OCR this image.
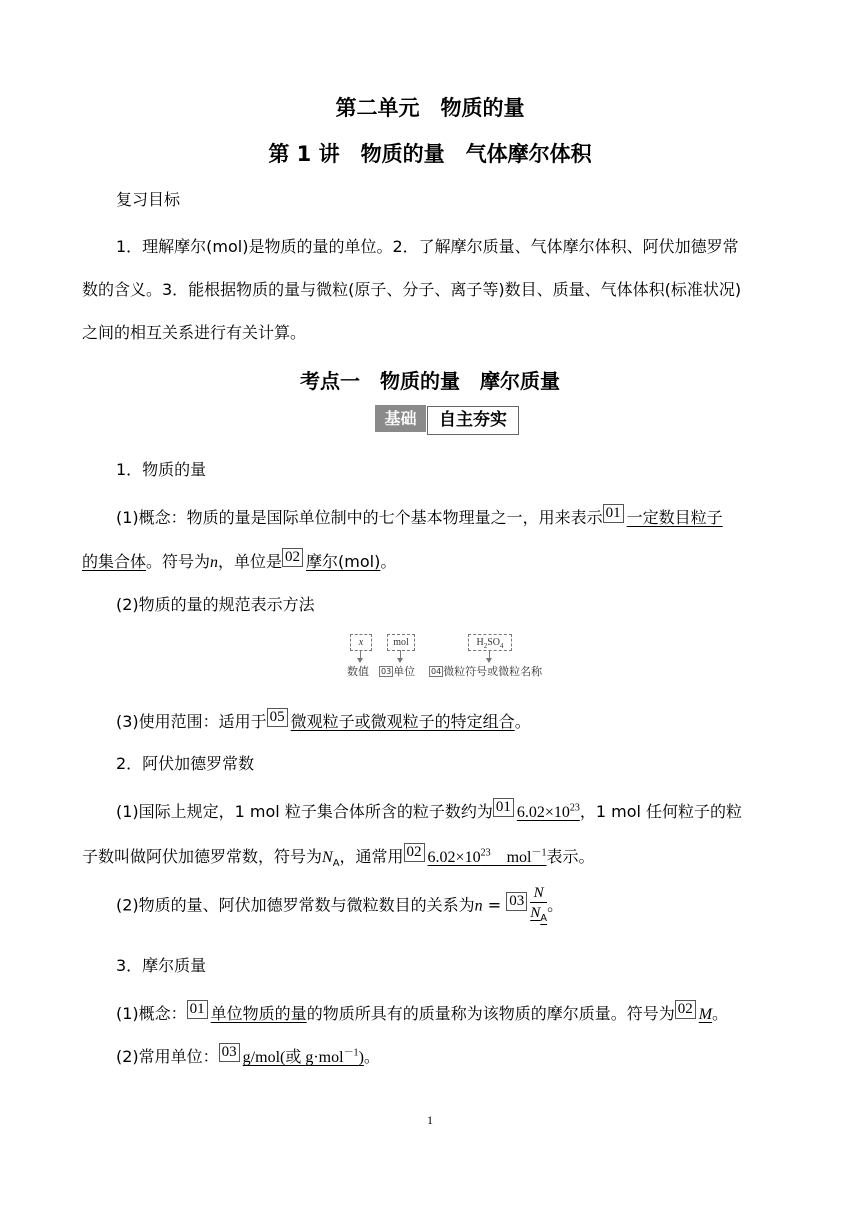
第二单元　物质的量
第 1 讲　物质的量　气体摩尔体积
复习目标
1．理解摩尔(mol)是物质的量的单位。2．了解摩尔质量、气体摩尔体积、阿伏加德罗常
数的含义。3．能根据物质的量与微粒(原子、分子、离子等)数目、质量、气体体积(标准状况)
之间的相互关系进行有关计算。
考点一　物质的量　摩尔质量
基础	自主夯实
1．物质的量
(1)概念：物质的量是国际单位制中的七个基本物理量之一，用来表示 01 一定数目粒子
的集合体。符号为n，单位是 02 摩尔(mol)。
(2)物质的量的规范表示方法
x	mol	$H_2SO_4$
数值 03 单位 04 微粒符号或微粒名称
(3)使用范围：适用于 05 微观粒子或微观粒子的特定组合。
2．阿伏加德罗常数
(1)国际上规定，1 mol 粒子集合体所含的粒子数约为 01 $6.02\times 10^{23}$，1 mol 任何粒子的粒
子数叫做阿伏加德罗常数，符号为$N_A$，通常用 02 $6.02\times 10^{23}$　mol$^{-1}$表示。
(2)物质的量、阿伏加德罗常数与微粒数目的关系为$n = 03 \frac{N}{N_A}$ 。
3．摩尔质量
(1)概念： 01 单位物质的量的物质所具有的质量称为该物质的摩尔质量。符号为 02 M。
(2)常用单位： 03 g/mol(或 g·mol$^{-1}$)。
1
